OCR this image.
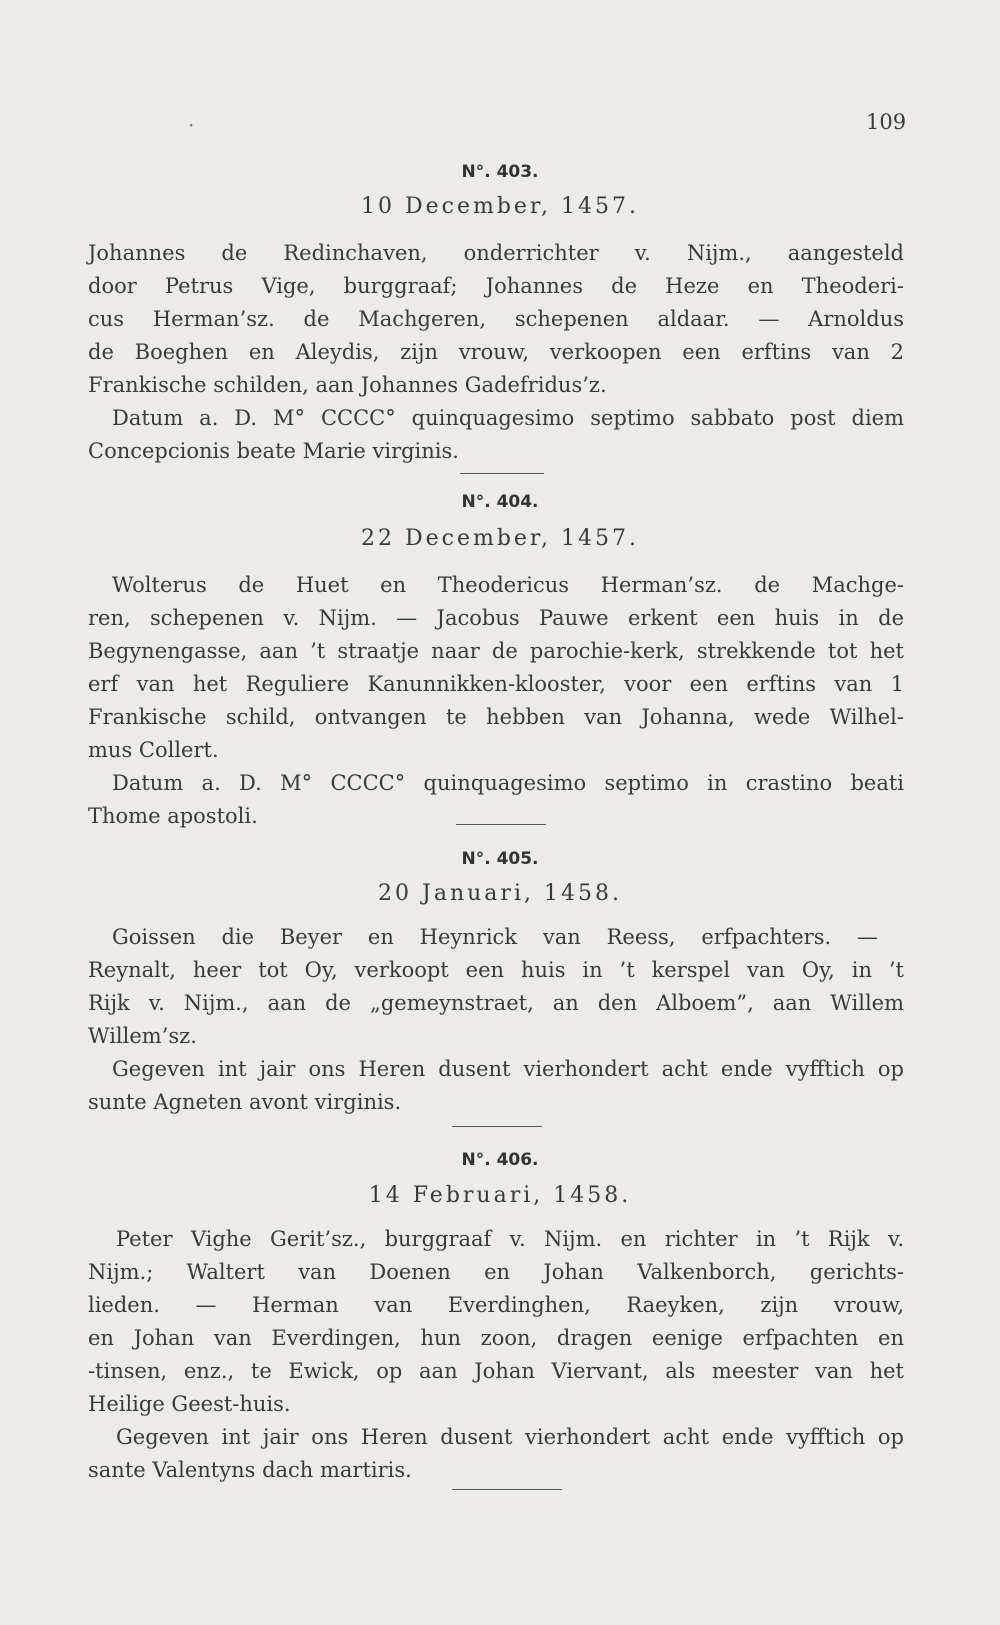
·	109
N°. 403.
10 December, 1457.
Johannes de Redinchaven, onderrichter v. Nijm., aangesteld
door Petrus Vige, burggraaf; Johannes de Heze en Theoderi-
cus Herman’sz. de Machgeren, schepenen aldaar. — Arnoldus
de Boeghen en Aleydis, zijn vrouw, verkoopen een erftins van 2
Frankische schilden, aan Johannes Gadefridus’z.
Datum a. D. M° CCCC° quinquagesimo septimo sabbato post diem
Concepcionis beate Marie virginis.
N°. 404.
22 December, 1457.
Wolterus de Huet en Theodericus Herman’sz. de Machge-
ren, schepenen v. Nijm. — Jacobus Pauwe erkent een huis in de
Begynengasse, aan ’t straatje naar de parochie-kerk, strekkende tot het
erf van het Reguliere Kanunnikken-klooster, voor een erftins van 1
Frankische schild, ontvangen te hebben van Johanna, wede Wilhel-
mus Collert.
Datum a. D. M° CCCC° quinquagesimo septimo in crastino beati
Thome apostoli.
N°. 405.
20 Januari, 1458.
Goissen die Beyer en Heynrick van Reess, erfpachters. —
Reynalt, heer tot Oy, verkoopt een huis in ’t kerspel van Oy, in ’t
Rijk v. Nijm., aan de „gemeynstraet, an den Alboem”, aan Willem
Willem’sz.
Gegeven int jair ons Heren dusent vierhondert acht ende vyfftich op
sunte Agneten avont virginis.
N°. 406.
14 Februari, 1458.
Peter Vighe Gerit’sz., burggraaf v. Nijm. en richter in ’t Rijk v.
Nijm.; Waltert van Doenen en Johan Valkenborch, gerichts-
lieden. — Herman van Everdinghen, Raeyken, zijn vrouw,
en Johan van Everdingen, hun zoon, dragen eenige erfpachten en
-tinsen, enz., te Ewick, op aan Johan Viervant, als meester van het
Heilige Geest-huis.
Gegeven int jair ons Heren dusent vierhondert acht ende vyfftich op
sante Valentyns dach martiris.
